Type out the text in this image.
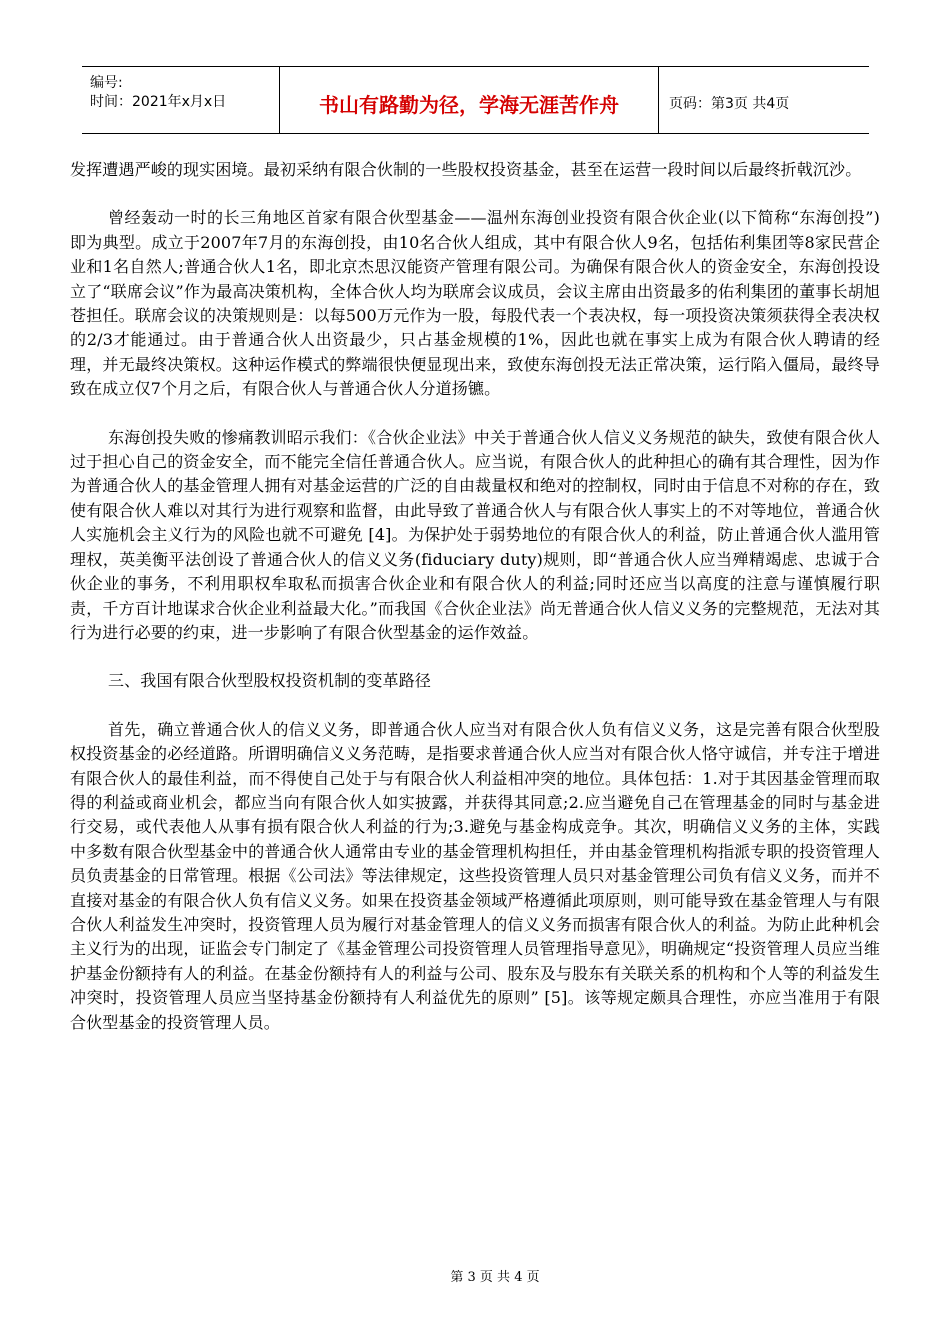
编号:
时间：2021年x月x日	书山有路勤为径，学海无涯苦作舟	页码：第3页 共4页

发挥遭遇严峻的现实困境。最初采纳有限合伙制的一些股权投资基金，甚至在运营一段时间以后最终折戟沉沙。

曾经轰动一时的长三角地区首家有限合伙型基金——温州东海创业投资有限合伙企业(以下简称“东海创投”)即为典型。成立于2007年7月的东海创投，由10名合伙人组成，其中有限合伙人9名，包括佑利集团等8家民营企业和1名自然人;普通合伙人1名，即北京杰思汉能资产管理有限公司。为确保有限合伙人的资金安全，东海创投设立了“联席会议”作为最高决策机构，全体合伙人均为联席会议成员，会议主席由出资最多的佑利集团的董事长胡旭苍担任。联席会议的决策规则是：以每500万元作为一股，每股代表一个表决权，每一项投资决策须获得全表决权的2/3才能通过。由于普通合伙人出资最少，只占基金规模的1%，因此也就在事实上成为有限合伙人聘请的经理，并无最终决策权。这种运作模式的弊端很快便显现出来，致使东海创投无法正常决策，运行陷入僵局，最终导致在成立仅7个月之后，有限合伙人与普通合伙人分道扬镳。

东海创投失败的惨痛教训昭示我们：《合伙企业法》中关于普通合伙人信义义务规范的缺失，致使有限合伙人过于担心自己的资金安全，而不能完全信任普通合伙人。应当说，有限合伙人的此种担心的确有其合理性，因为作为普通合伙人的基金管理人拥有对基金运营的广泛的自由裁量权和绝对的控制权，同时由于信息不对称的存在，致使有限合伙人难以对其行为进行观察和监督，由此导致了普通合伙人与有限合伙人事实上的不对等地位，普通合伙人实施机会主义行为的风险也就不可避免 [4]。为保护处于弱势地位的有限合伙人的利益，防止普通合伙人滥用管理权，英美衡平法创设了普通合伙人的信义义务(fiduciary duty)规则，即“普通合伙人应当殚精竭虑、忠诚于合伙企业的事务，不利用职权牟取私而损害合伙企业和有限合伙人的利益;同时还应当以高度的注意与谨慎履行职责，千方百计地谋求合伙企业利益最大化。”而我国《合伙企业法》尚无普通合伙人信义义务的完整规范，无法对其行为进行必要的约束，进一步影响了有限合伙型基金的运作效益。

三、我国有限合伙型股权投资机制的变革路径

首先，确立普通合伙人的信义义务，即普通合伙人应当对有限合伙人负有信义义务，这是完善有限合伙型股权投资基金的必经道路。所谓明确信义义务范畴，是指要求普通合伙人应当对有限合伙人恪守诚信，并专注于增进有限合伙人的最佳利益，而不得使自己处于与有限合伙人利益相冲突的地位。具体包括：1.对于其因基金管理而取得的利益或商业机会，都应当向有限合伙人如实披露，并获得其同意;2.应当避免自己在管理基金的同时与基金进行交易，或代表他人从事有损有限合伙人利益的行为;3.避免与基金构成竞争。其次，明确信义义务的主体，实践中多数有限合伙型基金中的普通合伙人通常由专业的基金管理机构担任，并由基金管理机构指派专职的投资管理人员负责基金的日常管理。根据《公司法》等法律规定，这些投资管理人员只对基金管理公司负有信义义务，而并不直接对基金的有限合伙人负有信义义务。如果在投资基金领域严格遵循此项原则，则可能导致在基金管理人与有限合伙人利益发生冲突时，投资管理人员为履行对基金管理人的信义义务而损害有限合伙人的利益。为防止此种机会主义行为的出现，证监会专门制定了《基金管理公司投资管理人员管理指导意见》，明确规定“投资管理人员应当维护基金份额持有人的利益。在基金份额持有人的利益与公司、股东及与股东有关联关系的机构和个人等的利益发生冲突时，投资管理人员应当坚持基金份额持有人利益优先的原则” [5]。该等规定颇具合理性，亦应当准用于有限合伙型基金的投资管理人员。

第 3 页 共 4 页
